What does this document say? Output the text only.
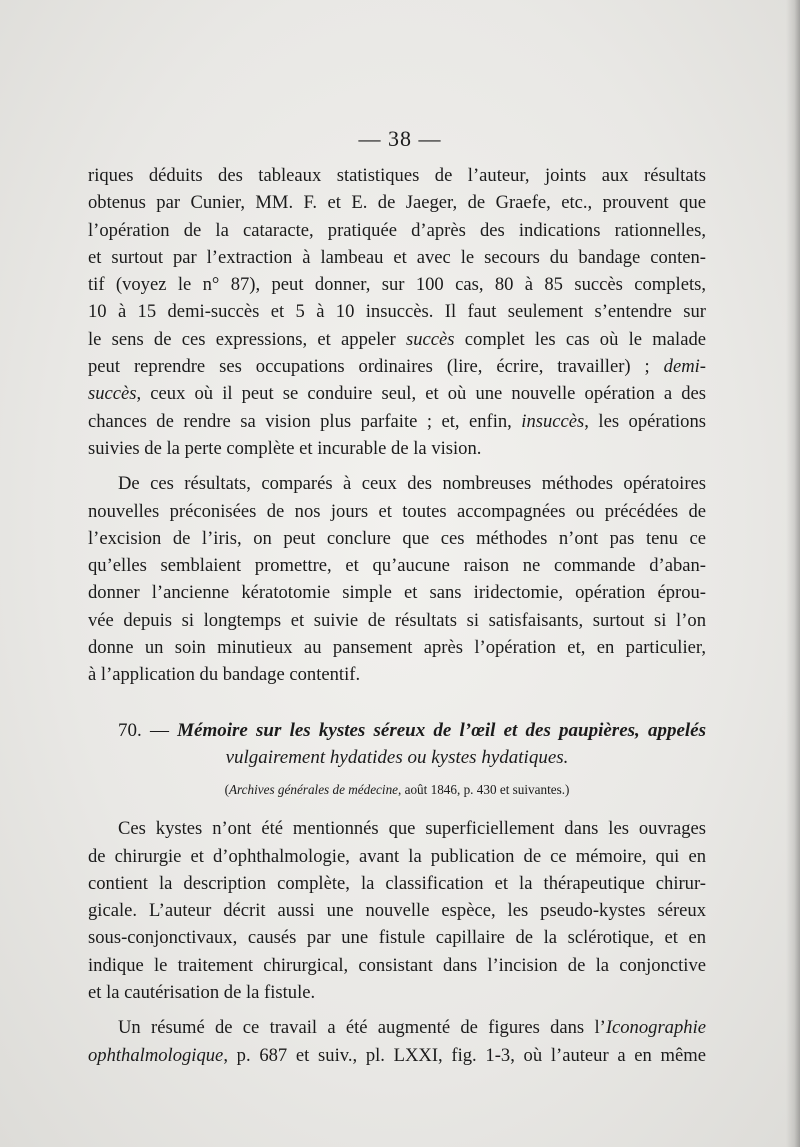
— 38 —
riques déduits des tableaux statistiques de l’auteur, joints aux résultats
obtenus par Cunier, MM. F. et E. de Jaeger, de Graefe, etc., prouvent que
l’opération de la cataracte, pratiquée d’après des indications rationnelles,
et surtout par l’extraction à lambeau et avec le secours du bandage conten-
tif (voyez le n° 87), peut donner, sur 100 cas, 80 à 85 succès complets,
10 à 15 demi-succès et 5 à 10 insuccès. Il faut seulement s’entendre sur
le sens de ces expressions, et appeler succès complet les cas où le malade
peut reprendre ses occupations ordinaires (lire, écrire, travailler) ; demi-
succès, ceux où il peut se conduire seul, et où une nouvelle opération a des
chances de rendre sa vision plus parfaite ; et, enfin, insuccès, les opérations
suivies de la perte complète et incurable de la vision.
De ces résultats, comparés à ceux des nombreuses méthodes opératoires
nouvelles préconisées de nos jours et toutes accompagnées ou précédées de
l’excision de l’iris, on peut conclure que ces méthodes n’ont pas tenu ce
qu’elles semblaient promettre, et qu’aucune raison ne commande d’aban-
donner l’ancienne kératotomie simple et sans iridectomie, opération éprou-
vée depuis si longtemps et suivie de résultats si satisfaisants, surtout si l’on
donne un soin minutieux au pansement après l’opération et, en particulier,
à l’application du bandage contentif.
70. — Mémoire sur les kystes séreux de l’œil et des paupières, appelés
vulgairement hydatides ou kystes hydatiques.
(Archives générales de médecine, août 1846, p. 430 et suivantes.)
Ces kystes n’ont été mentionnés que superficiellement dans les ouvrages
de chirurgie et d’ophthalmologie, avant la publication de ce mémoire, qui en
contient la description complète, la classification et la thérapeutique chirur-
gicale. L’auteur décrit aussi une nouvelle espèce, les pseudo-kystes séreux
sous-conjonctivaux, causés par une fistule capillaire de la sclérotique, et en
indique le traitement chirurgical, consistant dans l’incision de la conjonctive
et la cautérisation de la fistule.
Un résumé de ce travail a été augmenté de figures dans l’Iconographie
ophthalmologique, p. 687 et suiv., pl. LXXI, fig. 1-3, où l’auteur a en même
